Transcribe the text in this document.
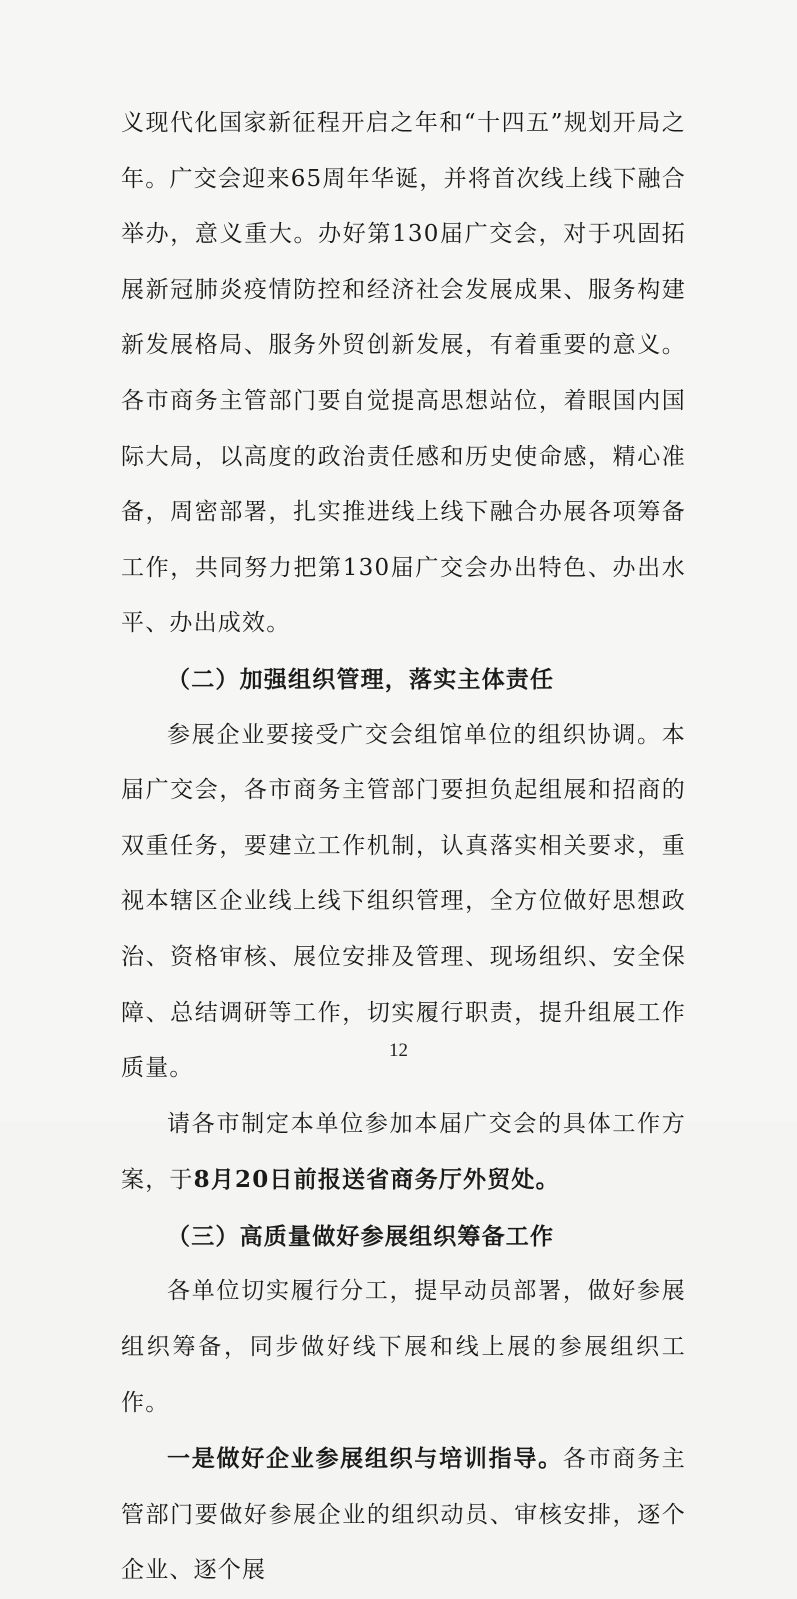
义现代化国家新征程开启之年和“十四五”规划开局之年。广交会迎来65周年华诞，并将首次线上线下融合举办，意义重大。办好第130届广交会，对于巩固拓展新冠肺炎疫情防控和经济社会发展成果、服务构建新发展格局、服务外贸创新发展，有着重要的意义。各市商务主管部门要自觉提高思想站位，着眼国内国际大局，以高度的政治责任感和历史使命感，精心准备，周密部署，扎实推进线上线下融合办展各项筹备工作，共同努力把第130届广交会办出特色、办出水平、办出成效。

（二）加强组织管理，落实主体责任

参展企业要接受广交会组馆单位的组织协调。本届广交会，各市商务主管部门要担负起组展和招商的双重任务，要建立工作机制，认真落实相关要求，重视本辖区企业线上线下组织管理，全方位做好思想政治、资格审核、展位安排及管理、现场组织、安全保障、总结调研等工作，切实履行职责，提升组展工作质量。

请各市制定本单位参加本届广交会的具体工作方案，于8月20日前报送省商务厅外贸处。

（三）高质量做好参展组织筹备工作

各单位切实履行分工，提早动员部署，做好参展组织筹备，同步做好线下展和线上展的参展组织工作。

一是做好企业参展组织与培训指导。各市商务主管部门要做好参展企业的组织动员、审核安排，逐个企业、逐个展

12
